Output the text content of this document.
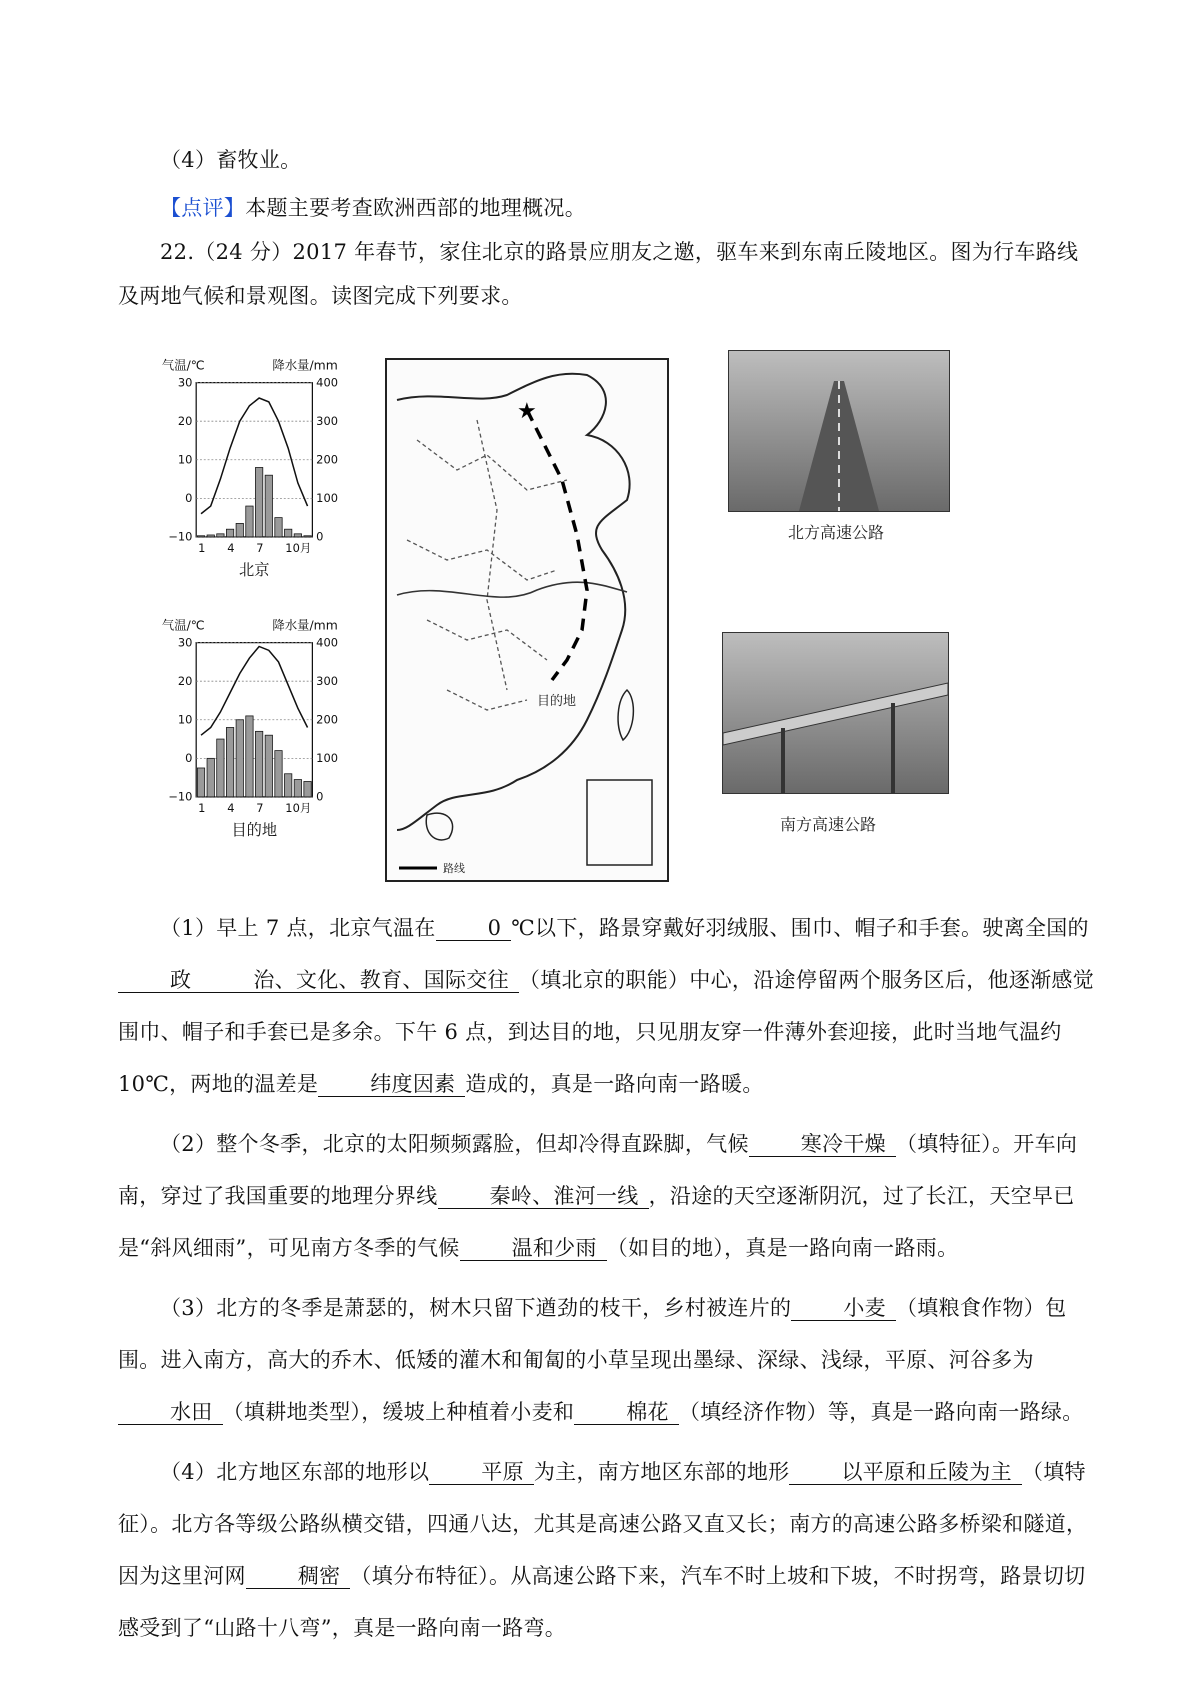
（4）畜牧业。
【点评】本题主要考查欧洲西部的地理概况。
22.（24 分）2017 年春节，家住北京的路景应朋友之邀，驱车来到东南丘陵地区。图为行车路线及两地气候和景观图。读图完成下列要求。
气温/℃	降水量/mm
30
20
10
0
−10
400
300
200
100
0
1 4 7 10月
北京
气温/℃	降水量/mm
30
20
10
0
−10
400
300
200
100
0
1 4 7 10月
目的地
★
目的地
路线
北方高速公路
南方高速公路
（1）早上 7 点，北京气温在 0 ℃以下，路景穿戴好羽绒服、围巾、帽子和手套。驶离全国的政	治、文化、教育、国际交往 （填北京的职能）中心，沿途停留两个服务区后，他逐渐感觉围巾、帽子和手套已是多余。下午 6 点，到达目的地，只见朋友穿一件薄外套迎接，此时当地气温约 10℃，两地的温差是 纬度因素 造成的，真是一路向南一路暖。
（2）整个冬季，北京的太阳频频露脸，但却冷得直跺脚，气候 寒冷干燥 （填特征）。开车向南，穿过了我国重要的地理分界线 秦岭、淮河一线 ，沿途的天空逐渐阴沉，过了长江，天空早已是“斜风细雨”，可见南方冬季的气候 温和少雨 （如目的地），真是一路向南一路雨。
（3）北方的冬季是萧瑟的，树木只留下遒劲的枝干，乡村被连片的 小麦 （填粮食作物）包围。进入南方，高大的乔木、低矮的灌木和匍匐的小草呈现出墨绿、深绿、浅绿，平原、河谷多为水田 （填耕地类型），缓坡上种植着小麦和 棉花 （填经济作物）等，真是一路向南一路绿。
（4）北方地区东部的地形以 平原 为主，南方地区东部的地形 以平原和丘陵为主 （填特征）。北方各等级公路纵横交错，四通八达，尤其是高速公路又直又长；南方的高速公路多桥梁和隧道，因为这里河网 稠密 （填分布特征）。从高速公路下来，汽车不时上坡和下坡，不时拐弯，路景切切感受到了“山路十八弯”，真是一路向南一路弯。
